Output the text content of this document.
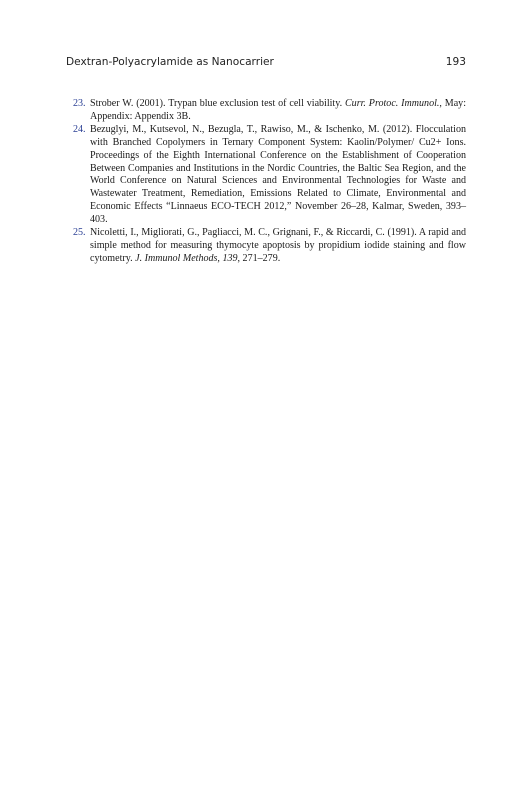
Dextran-Polyacrylamide as Nanocarrier	193
23. Strober W. (2001). Trypan blue exclusion test of cell viability. Curr. Protoc. Immunol., May: Appendix: Appendix 3B.
24. Bezuglyi, M., Kutsevol, N., Bezugla, T., Rawiso, M., & Ischenko, M. (2012). Flocculation with Branched Copolymers in Ternary Component System: Kaolin/Polymer/ Cu2+ Ions. Proceedings of the Eighth International Conference on the Establishment of Cooperation Between Companies and Institutions in the Nordic Countries, the Baltic Sea Region, and the World Conference on Natural Sciences and Environmental Technologies for Waste and Wastewater Treatment, Remediation, Emissions Related to Climate, Environmental and Economic Effects “Linnaeus ECO-TECH 2012,” November 26–28, Kalmar, Sweden, 393–403.
25. Nicoletti, I., Migliorati, G., Pagliacci, M. C., Grignani, F., & Riccardi, C. (1991). A rapid and simple method for measuring thymocyte apoptosis by propidium iodide staining and flow cytometry. J. Immunol Methods, 139, 271–279.
